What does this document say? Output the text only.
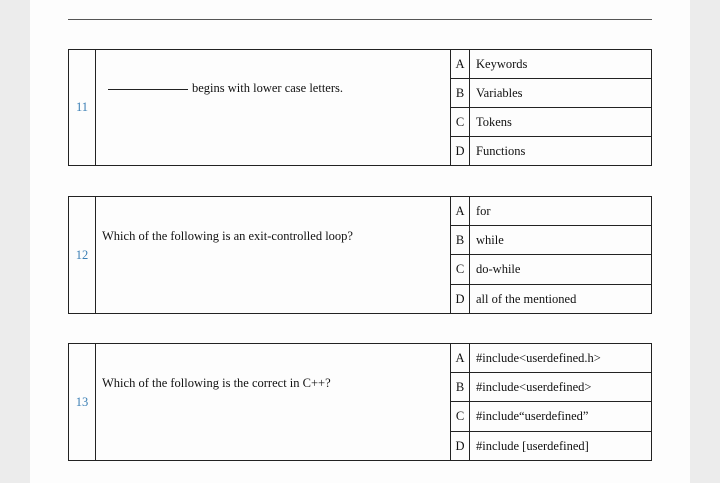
11	begins with lower case letters.	A	Keywords
		B	Variables
		C	Tokens
		D	Functions
12	Which of the following is an exit-controlled loop?	A	for
		B	while
		C	do-while
		D	all of the mentioned
13	Which of the following is the correct in C++?	A	#include<userdefined.h>
		B	#include<userdefined>
		C	#include“userdefined”
		D	#include [userdefined]
